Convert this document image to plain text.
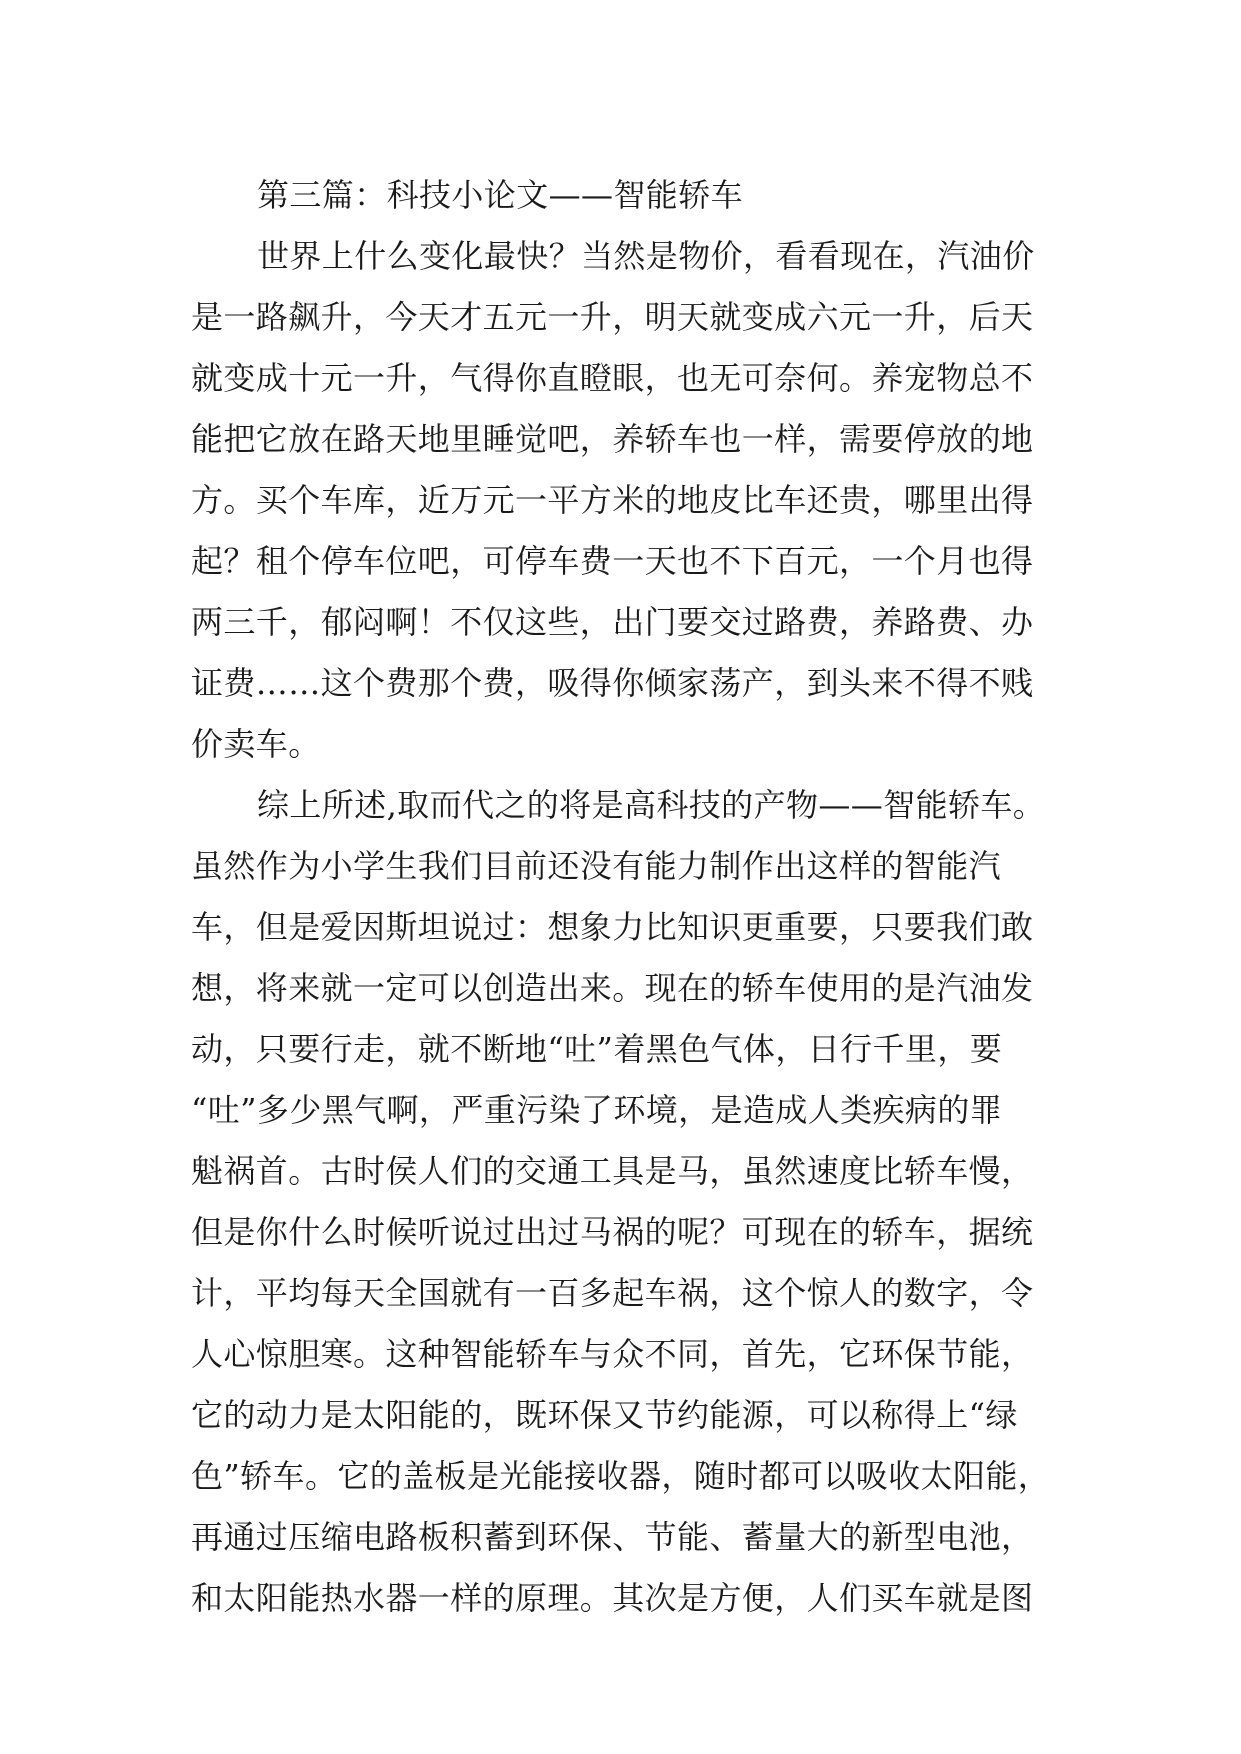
第三篇：科技小论文——智能轿车
世界上什么变化最快？当然是物价，看看现在，汽油价
是一路飙升，今天才五元一升，明天就变成六元一升，后天
就变成十元一升，气得你直瞪眼，也无可奈何。养宠物总不
能把它放在路天地里睡觉吧，养轿车也一样，需要停放的地
方。买个车库，近万元一平方米的地皮比车还贵，哪里出得
起？租个停车位吧，可停车费一天也不下百元，一个月也得
两三千，郁闷啊！不仅这些，出门要交过路费，养路费、办
证费……这个费那个费，吸得你倾家荡产，到头来不得不贱
价卖车。
综上所述,取而代之的将是高科技的产物——智能轿车。
虽然作为小学生我们目前还没有能力制作出这样的智能汽
车，但是爱因斯坦说过：想象力比知识更重要，只要我们敢
想，将来就一定可以创造出来。现在的轿车使用的是汽油发
动，只要行走，就不断地“吐”着黑色气体，日行千里，要
“吐”多少黑气啊，严重污染了环境，是造成人类疾病的罪
魁祸首。古时侯人们的交通工具是马，虽然速度比轿车慢，
但是你什么时候听说过出过马祸的呢？可现在的轿车，据统
计，平均每天全国就有一百多起车祸，这个惊人的数字，令
人心惊胆寒。这种智能轿车与众不同，首先，它环保节能，
它的动力是太阳能的，既环保又节约能源，可以称得上“绿
色”轿车。它的盖板是光能接收器，随时都可以吸收太阳能，
再通过压缩电路板积蓄到环保、节能、蓄量大的新型电池，
和太阳能热水器一样的原理。其次是方便，人们买车就是图
